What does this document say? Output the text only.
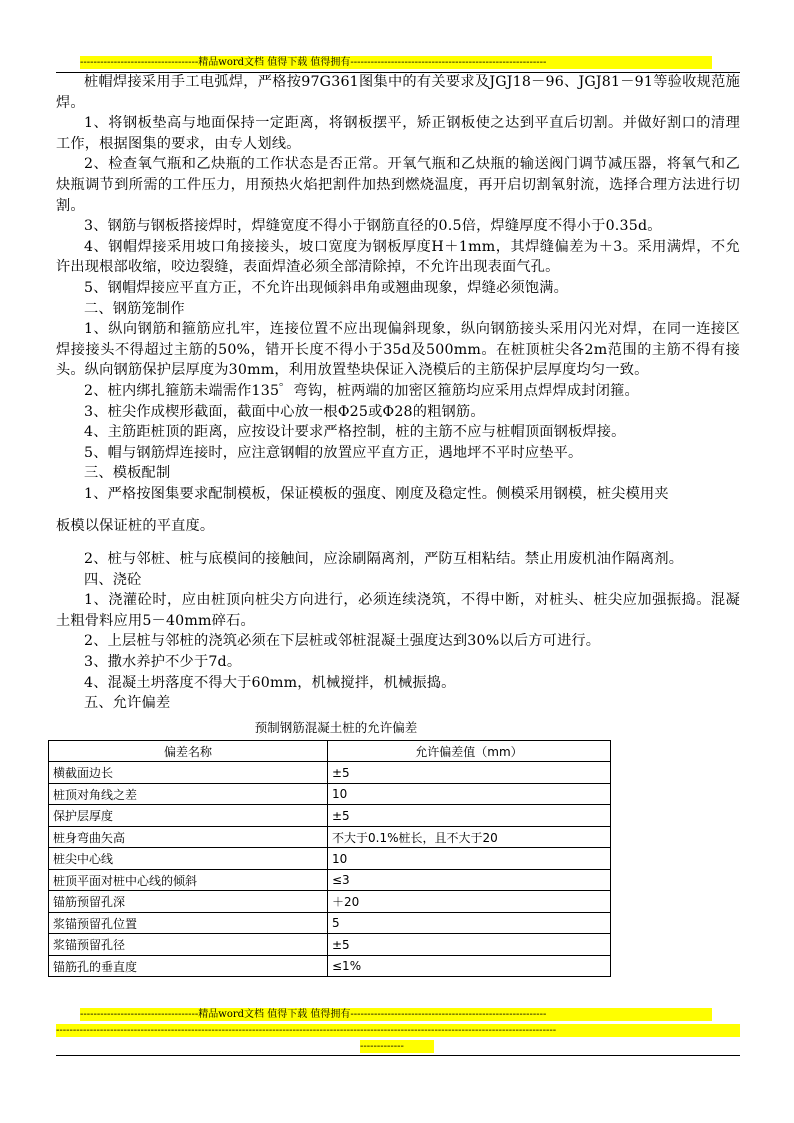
-----------------------------------精品word文档 值得下载 值得拥有----------------------------------------------------------

桩帽焊接采用手工电弧焊，严格按97G361图集中的有关要求及JGJ18－96、JGJ81－91等验收规范施焊。

1、将钢板垫高与地面保持一定距离，将钢板摆平，矫正钢板使之达到平直后切割。并做好割口的清理工作，根据图集的要求，由专人划线。

2、检查氧气瓶和乙炔瓶的工作状态是否正常。开氧气瓶和乙炔瓶的输送阀门调节减压器，将氧气和乙炔瓶调节到所需的工件压力，用预热火焰把割件加热到燃烧温度，再开启切割氧射流，选择合理方法进行切割。

3、钢筋与钢板搭接焊时，焊缝宽度不得小于钢筋直径的0.5倍，焊缝厚度不得小于0.35d。

4、钢帽焊接采用坡口角接接头，坡口宽度为钢板厚度H＋1mm，其焊缝偏差为＋3。采用满焊，不允许出现根部收缩，咬边裂缝，表面焊渣必须全部清除掉，不允许出现表面气孔。

5、钢帽焊接应平直方正，不允许出现倾斜串角或翘曲现象，焊缝必须饱满。

二、钢筋笼制作

1、纵向钢筋和箍筋应扎牢，连接位置不应出现偏斜现象，纵向钢筋接头采用闪光对焊，在同一连接区焊接接头不得超过主筋的50%，错开长度不得小于35d及500mm。在桩顶桩尖各2m范围的主筋不得有接头。纵向钢筋保护层厚度为30mm，利用放置垫块保证入浇模后的主筋保护层厚度均匀一致。

2、桩内绑扎箍筋未端需作135゜弯钩，桩两端的加密区箍筋均应采用点焊焊成封闭箍。

3、桩尖作成楔形截面，截面中心放一根Φ25或Φ28的粗钢筋。

4、主筋距桩顶的距离，应按设计要求严格控制，桩的主筋不应与桩帽顶面钢板焊接。

5、帽与钢筋焊连接时，应注意钢帽的放置应平直方正，遇地坪不平时应垫平。

三、模板配制

1、严格按图集要求配制模板，保证模板的强度、刚度及稳定性。侧模采用钢模，桩尖模用夹

板模以保证桩的平直度。

2、桩与邻桩、桩与底模间的接触间，应涂刷隔离剂，严防互相粘结。禁止用废机油作隔离剂。

四、浇砼

1、浇灌砼时，应由桩顶向桩尖方向进行，必须连续浇筑，不得中断，对桩头、桩尖应加强振捣。混凝土粗骨料应用5－40mm碎石。

2、上层桩与邻桩的浇筑必须在下层桩或邻桩混凝土强度达到30%以后方可进行。

3、撒水养护不少于7d。

4、混凝土坍落度不得大于60mm，机械搅拌，机械振捣。

五、允许偏差

预制钢筋混凝土桩的允许偏差
偏差名称	允许偏差值（mm）
横截面边长	±5
桩顶对角线之差	10
保护层厚度	±5
桩身弯曲矢高	不大于0.1%桩长，且不大于20
桩尖中心线	10
桩顶平面对桩中心线的倾斜	≤3
锚筋预留孔深	＋20
浆锚预留孔位置	5
浆锚预留孔径	±5
锚筋孔的垂直度	≤1%
-----------------------------------精品word文档 值得下载 值得拥有----------------------------------------------------------
----------------------------------------------------------------------------------------------------------------------------------------------------
-------------
